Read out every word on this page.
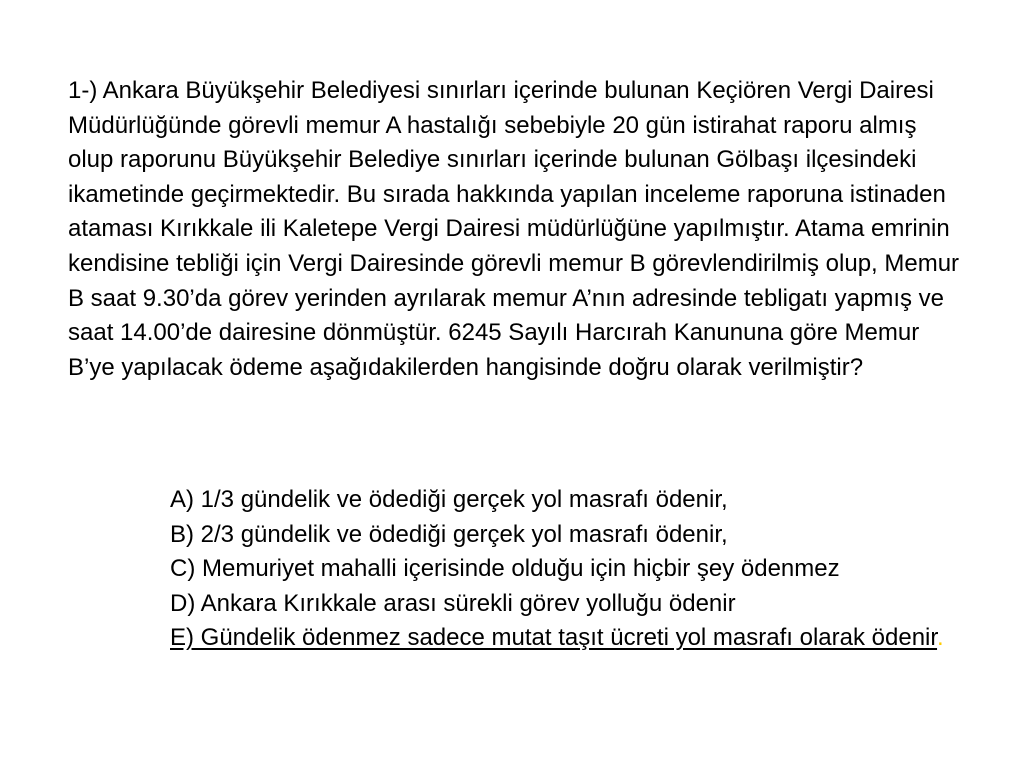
1-) Ankara Büyükşehir Belediyesi sınırları içerinde bulunan Keçiören Vergi Dairesi Müdürlüğünde görevli memur A hastalığı sebebiyle 20 gün istirahat raporu almış olup raporunu Büyükşehir Belediye sınırları içerinde bulunan Gölbaşı ilçesindeki ikametinde geçirmektedir. Bu sırada hakkında yapılan inceleme raporuna istinaden ataması Kırıkkale ili Kaletepe Vergi Dairesi müdürlüğüne yapılmıştır. Atama emrinin kendisine tebliği için Vergi Dairesinde görevli memur B görevlendirilmiş olup, Memur B saat 9.30’da görev yerinden ayrılarak memur A’nın adresinde tebligatı yapmış ve saat 14.00’de dairesine dönmüştür. 6245 Sayılı Harcırah Kanununa göre Memur B’ye yapılacak ödeme aşağıdakilerden hangisinde doğru olarak verilmiştir?

A) 1/3 gündelik ve ödediği gerçek yol masrafı ödenir,
B) 2/3 gündelik ve ödediği gerçek yol masrafı ödenir,
C) Memuriyet mahalli içerisinde olduğu için hiçbir şey ödenmez
D) Ankara Kırıkkale arası sürekli görev yolluğu ödenir
E) Gündelik ödenmez sadece mutat taşıt ücreti yol masrafı olarak ödenir.
